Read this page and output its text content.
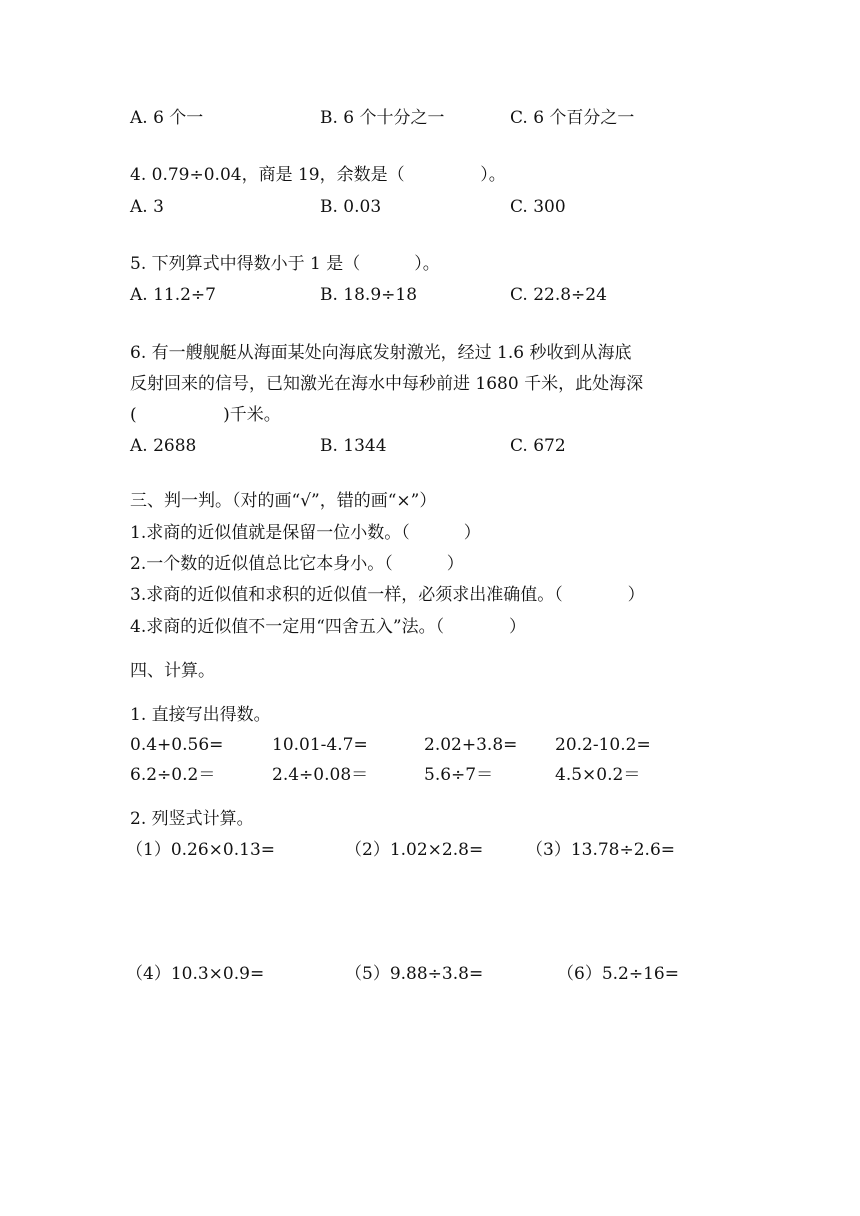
A. 6 个一	B. 6 个十分之一	C. 6 个百分之一
4. 0.79÷0.04，商是 19，余数是（              ）。
A. 3	B. 0.03	C. 300
5. 下列算式中得数小于 1 是（          ）。
A. 11.2÷7	B. 18.9÷18	C. 22.8÷24
6. 有一艘舰艇从海面某处向海底发射激光，经过 1.6 秒收到从海底
反射回来的信号，已知激光在海水中每秒前进 1680 千米，此处海深
(                )千米。
A. 2688	B. 1344	C. 672
三、判一判。（对的画“√”，错的画“×”）
1.求商的近似值就是保留一位小数。（          ）
2.一个数的近似值总比它本身小。（          ）
3.求商的近似值和求积的近似值一样，必须求出准确值。（            ）
4.求商的近似值不一定用“四舍五入”法。（            ）
四、计算。
1. 直接写出得数。
0.4+0.56=	10.01-4.7=	2.02+3.8= 20.2-10.2=
6.2÷0.2＝	2.4÷0.08＝	5.6÷7＝	4.5×0.2＝
2. 列竖式计算。
（1）0.26×0.13=	（2）1.02×2.8=	（3）13.78÷2.6=
（4）10.3×0.9=	（5）9.88÷3.8=	（6）5.2÷16=
